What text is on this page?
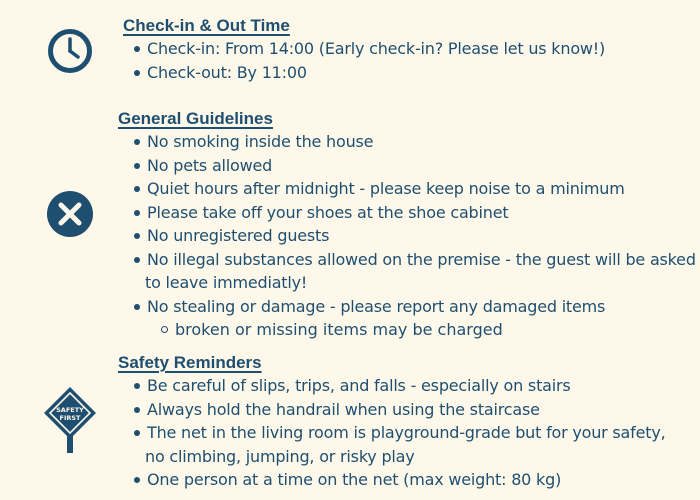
SAFETY
FIRST
Check-in & Out Time
Check-in: From 14:00 (Early check-in? Please let us know!)
Check-out: By 11:00
General Guidelines
No smoking inside the house
No pets allowed
Quiet hours after midnight - please keep noise to a minimum
Please take off your shoes at the shoe cabinet
No unregistered guests
No illegal substances allowed on the premise - the guest will be asked
to leave immediatly!
No stealing or damage - please report any damaged items
broken or missing items may be charged
Safety Reminders
Be careful of slips, trips, and falls - especially on stairs
Always hold the handrail when using the staircase
The net in the living room is playground-grade but for your safety,
no climbing, jumping, or risky play
One person at a time on the net (max weight: 80 kg)
